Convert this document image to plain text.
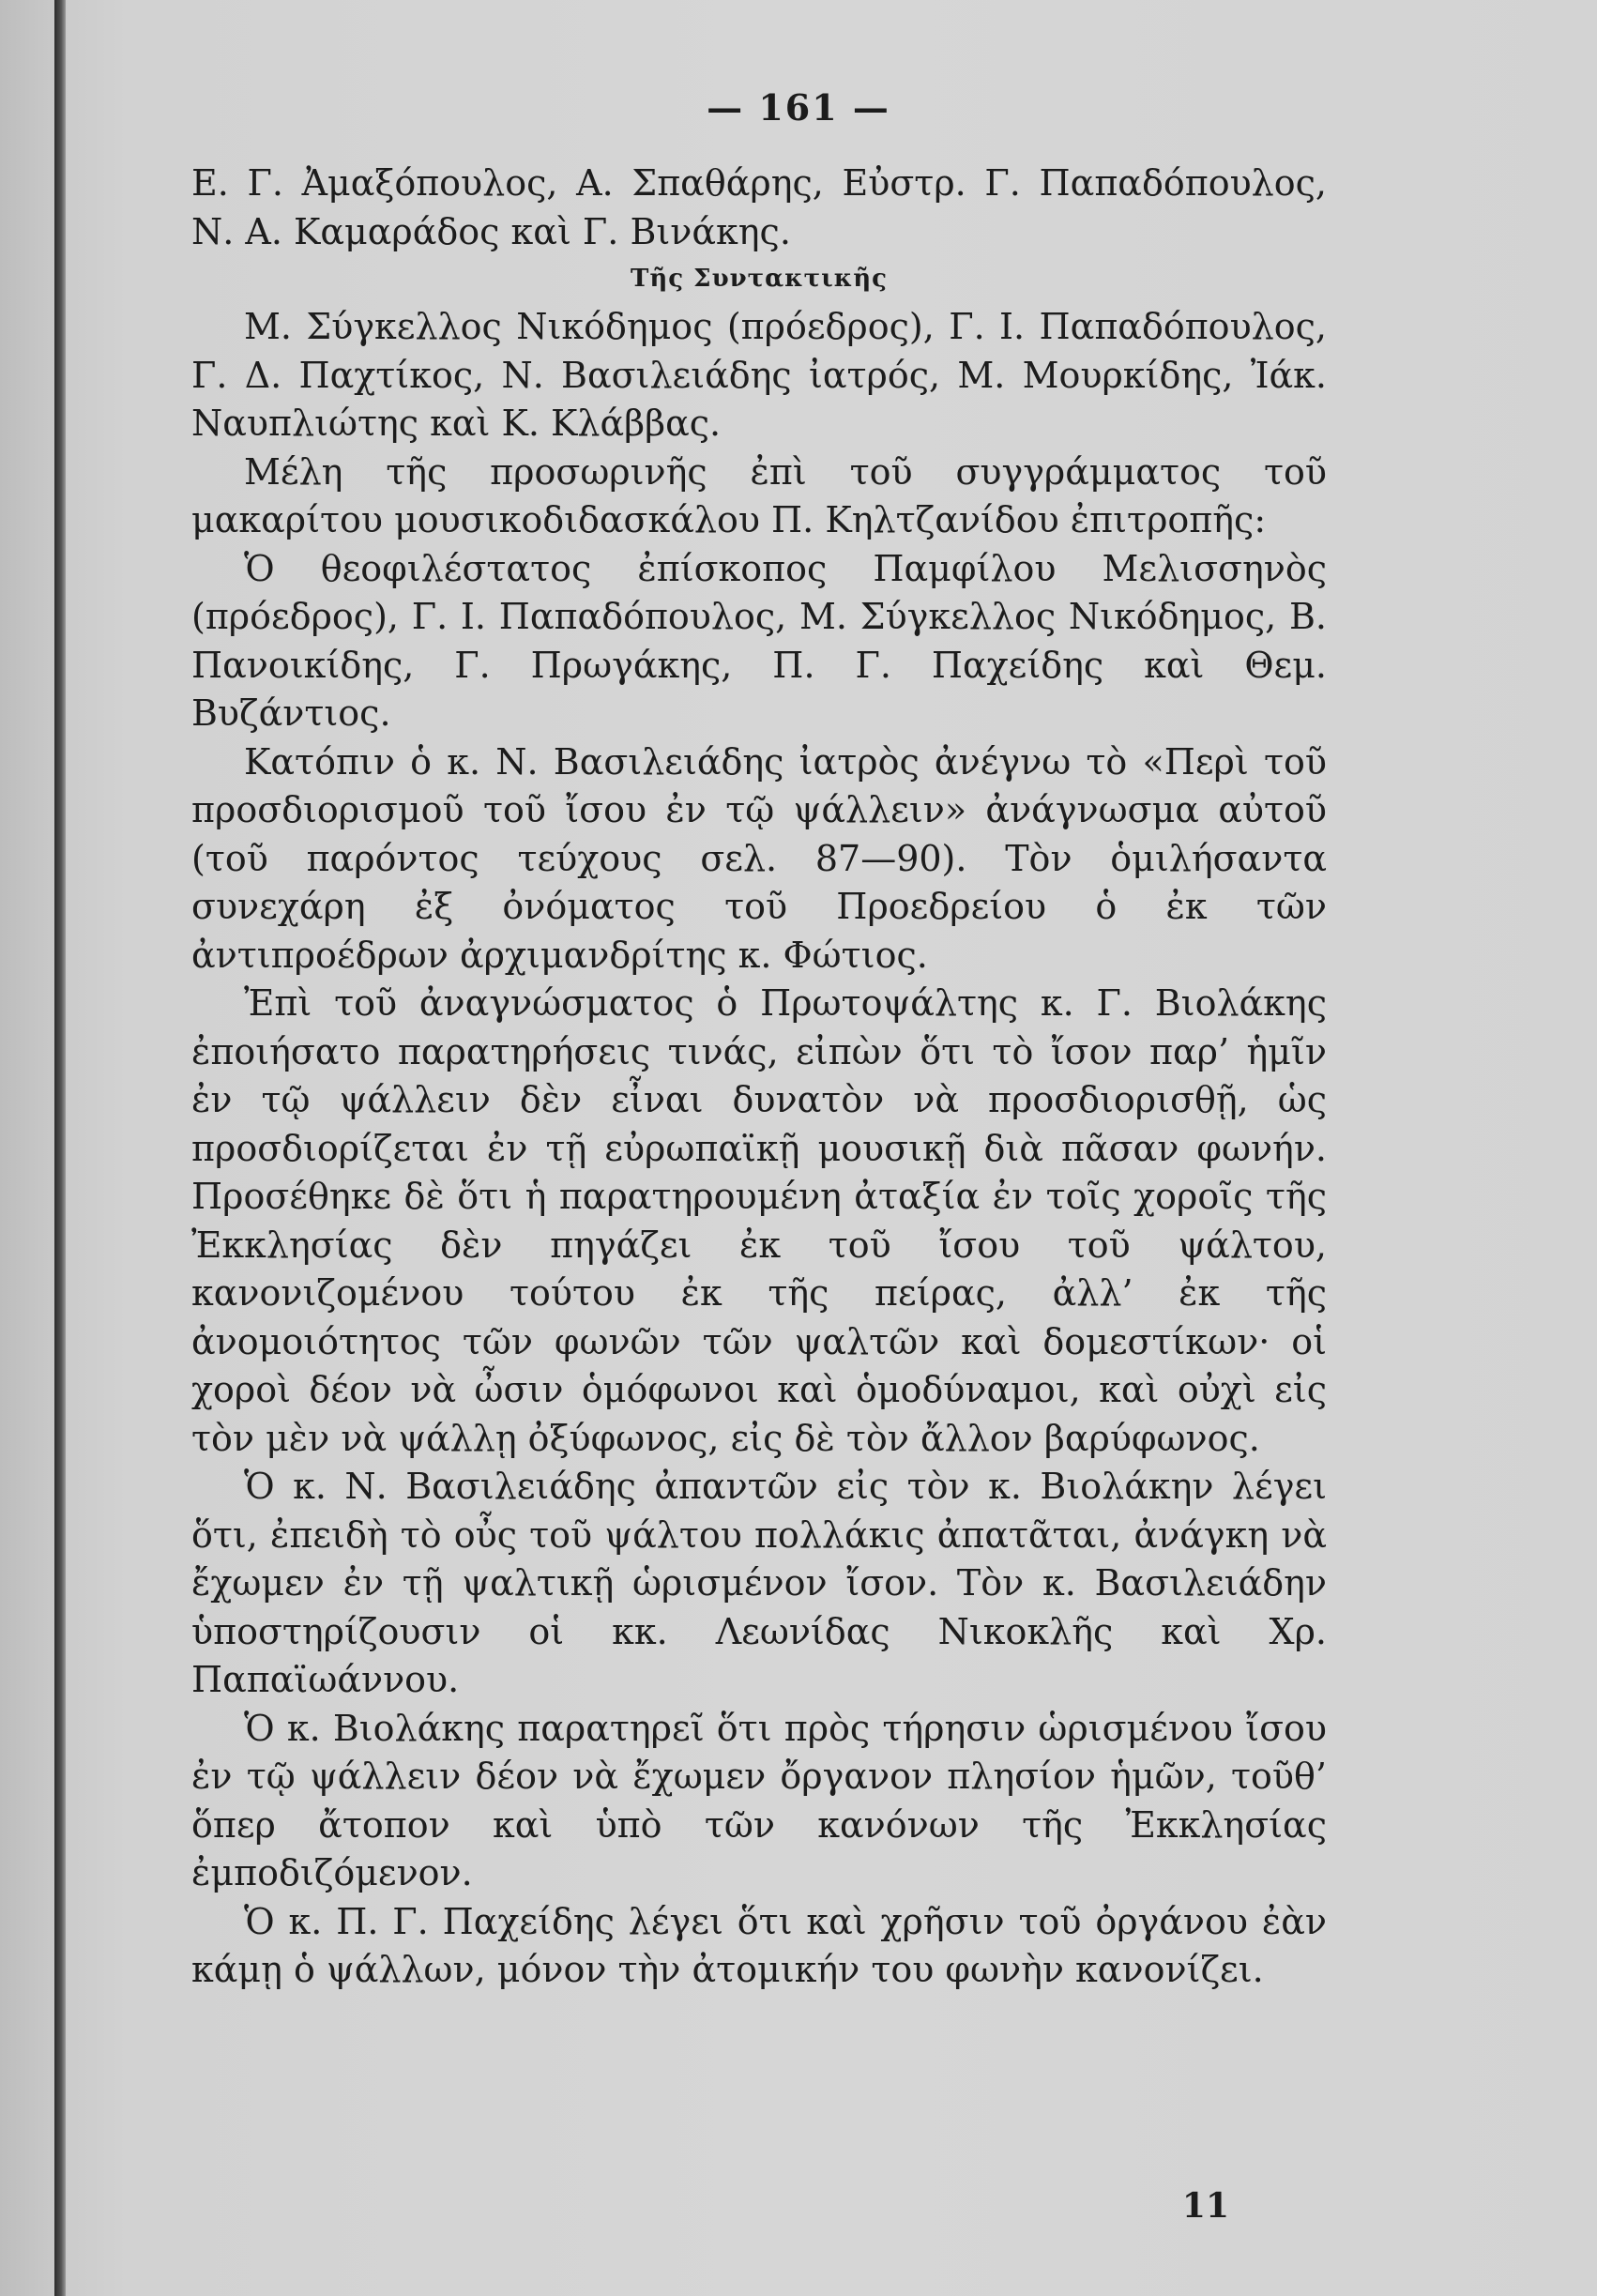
— 161 —

Ε. Γ. Ἀμαξόπουλος, Α. Σπαθάρης, Εὐστρ. Γ. Παπαδόπουλος, Ν. Α. Καμαράδος καὶ Γ. Βινάκης.

Τῆς Συντακτικῆς

Μ. Σύγκελλος Νικόδημος (πρόεδρος), Γ. Ι. Παπαδόπουλος, Γ. Δ. Παχτίκος, Ν. Βασιλειάδης ἰατρός, Μ. Μουρκίδης, Ἰάκ. Ναυπλιώτης καὶ Κ. Κλάββας.

Μέλη τῆς προσωρινῆς ἐπὶ τοῦ συγγράμματος τοῦ μακαρίτου μουσικοδιδασκάλου Π. Κηλτζανίδου ἐπιτροπῆς:

Ὁ θεοφιλέστατος ἐπίσκοπος Παμφίλου Μελισσηνὸς (πρόεδρος), Γ. Ι. Παπαδόπουλος, Μ. Σύγκελλος Νικόδημος, Β. Πανοικίδης, Γ. Πρωγάκης, Π. Γ. Παχείδης καὶ Θεμ. Βυζάντιος.

Κατόπιν ὁ κ. Ν. Βασιλειάδης ἰατρὸς ἀνέγνω τὸ «Περὶ τοῦ προσδιορισμοῦ τοῦ ἴσου ἐν τῷ ψάλλειν» ἀνάγνωσμα αὐτοῦ (τοῦ παρόντος τεύχους σελ. 87—90). Τὸν ὁμιλήσαντα συνεχάρη ἐξ ὀνόματος τοῦ Προεδρείου ὁ ἐκ τῶν ἀντιπροέδρων ἀρχιμανδρίτης κ. Φώτιος.

Ἐπὶ τοῦ ἀναγνώσματος ὁ Πρωτοψάλτης κ. Γ. Βιολάκης ἐποιήσατο παρατηρήσεις τινάς, εἰπὼν ὅτι τὸ ἴσον παρ’ ἡμῖν ἐν τῷ ψάλλειν δὲν εἶναι δυνατὸν νὰ προσδιορισθῇ, ὡς προσδιορίζεται ἐν τῇ εὐρωπαϊκῇ μουσικῇ διὰ πᾶσαν φωνήν. Προσέθηκε δὲ ὅτι ἡ παρατηρουμένη ἀταξία ἐν τοῖς χοροῖς τῆς Ἐκκλησίας δὲν πηγάζει ἐκ τοῦ ἴσου τοῦ ψάλτου, κανονιζομένου τούτου ἐκ τῆς πείρας, ἀλλ’ ἐκ τῆς ἀνομοιότητος τῶν φωνῶν τῶν ψαλτῶν καὶ δομεστίκων· οἱ χοροὶ δέον νὰ ὦσιν ὁμόφωνοι καὶ ὁμοδύναμοι, καὶ οὐχὶ εἰς τὸν μὲν νὰ ψάλλῃ ὀξύφωνος, εἰς δὲ τὸν ἄλλον βαρύφωνος.

Ὁ κ. Ν. Βασιλειάδης ἀπαντῶν εἰς τὸν κ. Βιολάκην λέγει ὅτι, ἐπειδὴ τὸ οὖς τοῦ ψάλτου πολλάκις ἀπατᾶται, ἀνάγκη νὰ ἔχωμεν ἐν τῇ ψαλτικῇ ὡρισμένον ἴσον. Τὸν κ. Βασιλειάδην ὑποστηρίζουσιν οἱ κκ. Λεωνίδας Νικοκλῆς καὶ Χρ. Παπαϊωάννου.

Ὁ κ. Βιολάκης παρατηρεῖ ὅτι πρὸς τήρησιν ὡρισμένου ἴσου ἐν τῷ ψάλλειν δέον νὰ ἔχωμεν ὄργανον πλησίον ἡμῶν, τοῦθ’ ὅπερ ἄτοπον καὶ ὑπὸ τῶν κανόνων τῆς Ἐκκλησίας ἐμποδιζόμενον.

Ὁ κ. Π. Γ. Παχείδης λέγει ὅτι καὶ χρῆσιν τοῦ ὀργάνου ἐὰν κάμῃ ὁ ψάλλων, μόνον τὴν ἀτομικήν του φωνὴν κανονίζει.

11
